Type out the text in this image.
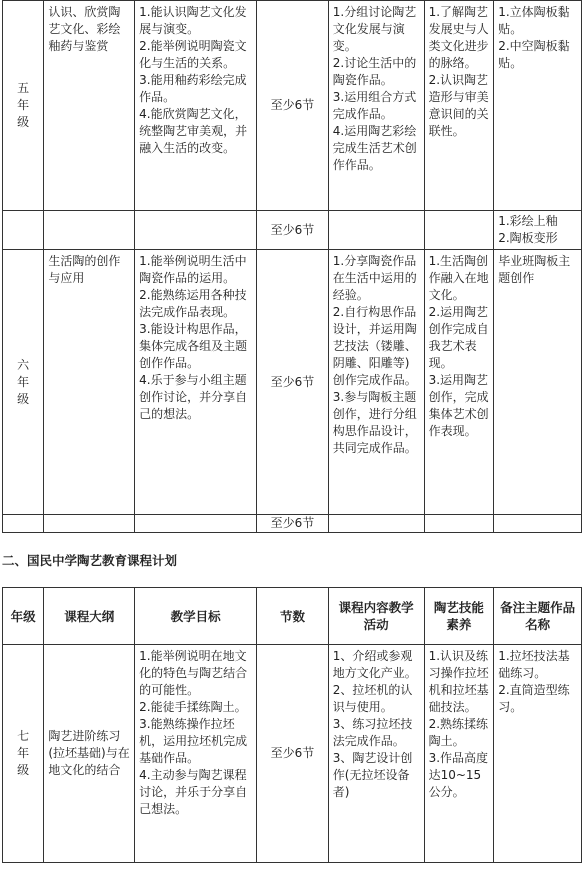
五
年
级	认识、欣赏陶艺文化、彩绘釉药与鉴赏	1.能认识陶艺文化发展与演变。
2.能举例说明陶瓷文化与生活的关系。
3.能用釉药彩绘完成作品。
4.能欣赏陶艺文化，统整陶艺审美观，并融入生活的改变。	至少6节	1.分组讨论陶艺文化发展与演变。
2.讨论生活中的陶瓷作品。
3.运用组合方式完成作品。
4.运用陶艺彩绘完成生活艺术创作作品。	1.了解陶艺发展史与人类文化进步的脉络。
2.认识陶艺造形与审美意识间的关联性。	1.立体陶板黏贴。
2.中空陶板黏贴。

			至少6节			1.彩绘上釉
2.陶板变形

六
年
级	生活陶的创作与应用	1.能举例说明生活中陶瓷作品的运用。
2.能熟练运用各种技法完成作品表现。
3.能设计构思作品，集体完成各组及主题创作作品。
4.乐于参与小组主题创作讨论，并分享自己的想法。	至少6节	1.分享陶瓷作品在生活中运用的经验。
2.自行构思作品设计，并运用陶艺技法（镂雕、阴雕、阳雕等)创作完成作品。
3.参与陶板主题创作，进行分组构思作品设计，共同完成作品。	1.生活陶创作融入在地文化。
2.运用陶艺创作完成自我艺术表现。
3.运用陶艺创作，完成集体艺术创作表现。	毕业班陶板主题创作

			至少6节			
二、国民中学陶艺教育课程计划
年级	课程大纲	教学目标	节数	课程内容教学活动	陶艺技能素养	备注主题作品名称

七
年
级	陶艺进阶练习(拉坯基础)与在地文化的结合	1.能举例说明在地文化的特色与陶艺结合的可能性。
2.能徒手揉练陶土。
3.能熟练操作拉坯机，运用拉坯机完成基础作品。
4.主动参与陶艺课程讨论，并乐于分享自己想法。	至少6节	1、介绍或参观地方文化产业。
2、拉坯机的认识与使用。
3、练习拉坯技法完成作品。
3、陶艺设计创作(无拉坯设备者)	1.认识及练习操作拉坯机和拉坯基础技法。
2.熟练揉练陶土。
3.作品高度达10~15公分。	1.拉坯技法基础练习。
2.直筒造型练习。
